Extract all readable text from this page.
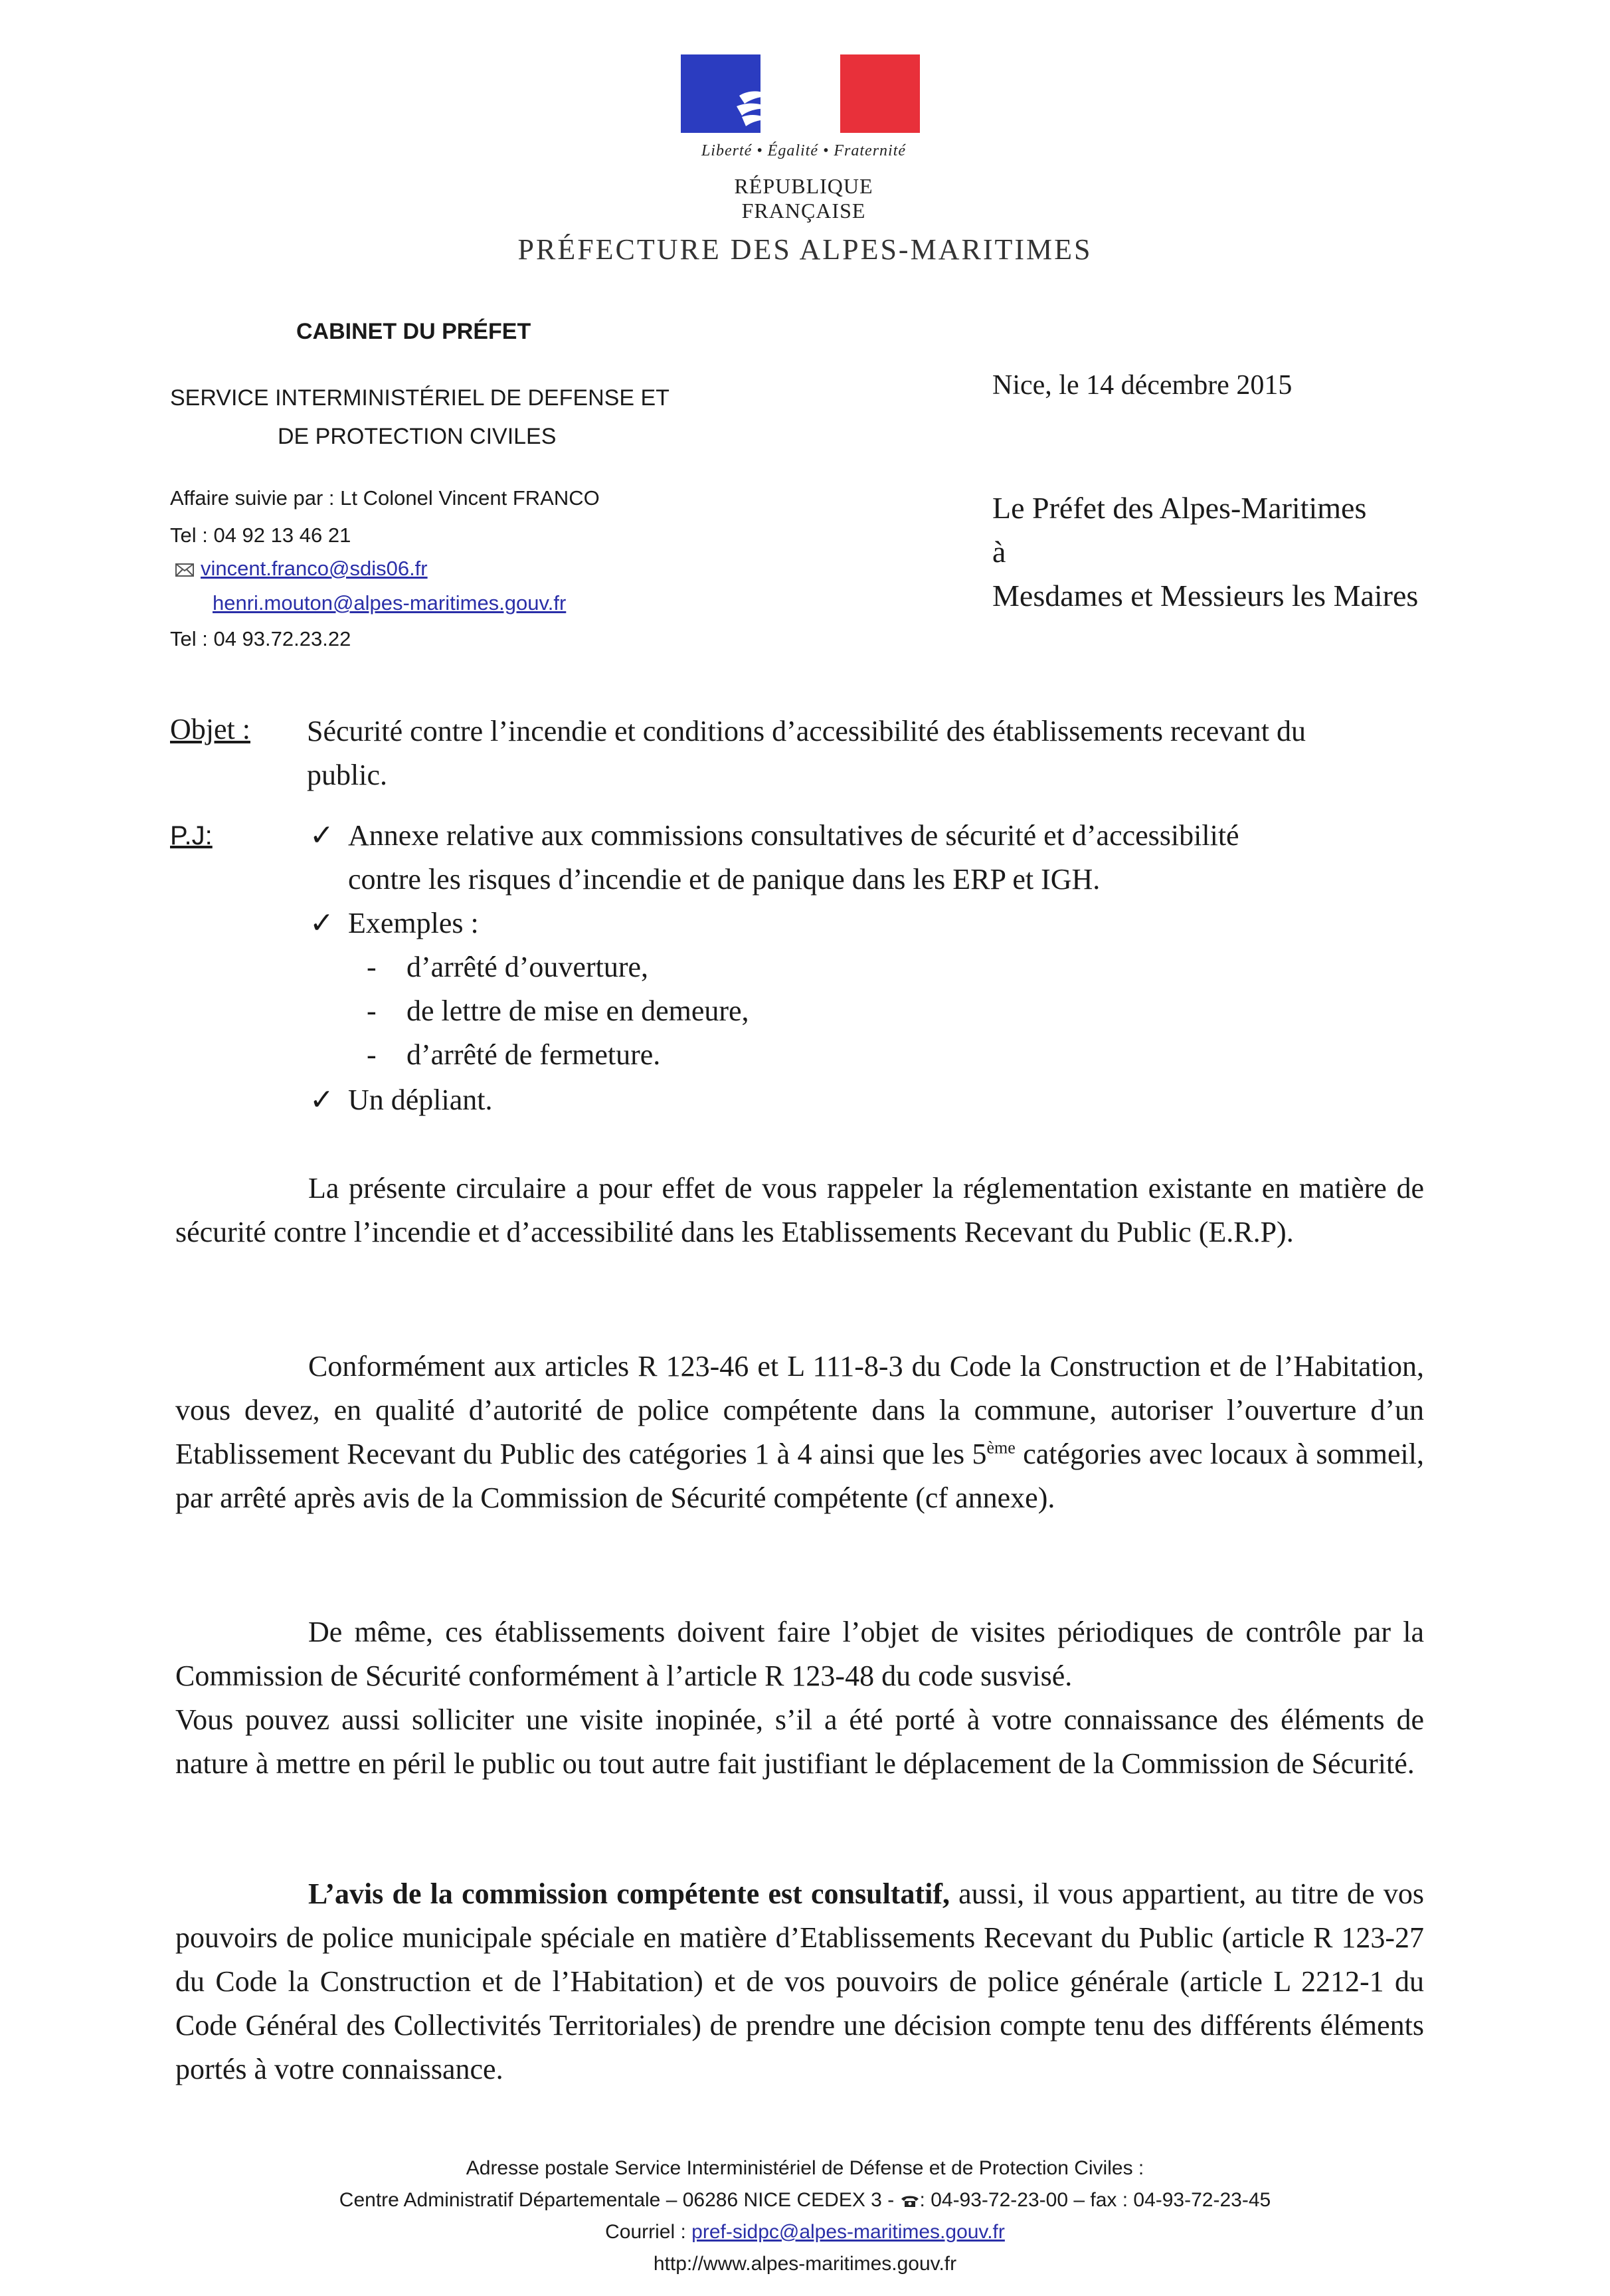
Liberté • Égalité • Fraternité
RÉPUBLIQUE FRANÇAISE
PRÉFECTURE DES ALPES-MARITIMES
CABINET DU PRÉFET
SERVICE INTERMINISTÉRIEL DE DEFENSE ET
DE PROTECTION CIVILES
Affaire suivie par : Lt Colonel Vincent FRANCO
Tel : 04 92 13 46 21
vincent.franco@sdis06.fr
henri.mouton@alpes-maritimes.gouv.fr
Tel : 04 93.72.23.22
Nice, le 14 décembre 2015
Le Préfet des Alpes-Maritimes
à
Mesdames et Messieurs les Maires
Objet : Sécurité contre l’incendie et conditions d’accessibilité des établissements recevant du public.
P.J:	✓ Annexe relative aux commissions consultatives de sécurité et d’accessibilité
contre les risques d’incendie et de panique dans les ERP et IGH.
✓ Exemples :
- d’arrêté d’ouverture,
- de lettre de mise en demeure,
- d’arrêté de fermeture.
✓ Un dépliant.
La présente circulaire a pour effet de vous rappeler la réglementation existante en matière de sécurité contre l’incendie et d’accessibilité dans les Etablissements Recevant du Public (E.R.P).
Conformément aux articles R 123-46 et L 111-8-3 du Code la Construction et de l’Habitation, vous devez, en qualité d’autorité de police compétente dans la commune, autoriser l’ouverture d’un Etablissement Recevant du Public des catégories 1 à 4 ainsi que les 5ème catégories avec locaux à sommeil, par arrêté après avis de la Commission de Sécurité compétente (cf annexe).
De même, ces établissements doivent faire l’objet de visites périodiques de contrôle par la Commission de Sécurité conformément à l’article R 123-48 du code susvisé.
Vous pouvez aussi solliciter une visite inopinée, s’il a été porté à votre connaissance des éléments de nature à mettre en péril le public ou tout autre fait justifiant le déplacement de la Commission de Sécurité.
L’avis de la commission compétente est consultatif, aussi, il vous appartient, au titre de vos pouvoirs de police municipale spéciale en matière d’Etablissements Recevant du Public (article R 123-27 du Code la Construction et de l’Habitation) et de vos pouvoirs de police générale (article L 2212-1 du Code Général des Collectivités Territoriales) de prendre une décision compte tenu des différents éléments portés à votre connaissance.
Adresse postale Service Interministériel de Défense et de Protection Civiles :
Centre Administratif Départementale – 06286 NICE CEDEX 3 - : 04-93-72-23-00 – fax : 04-93-72-23-45
Courriel : pref-sidpc@alpes-maritimes.gouv.fr
http://www.alpes-maritimes.gouv.fr
